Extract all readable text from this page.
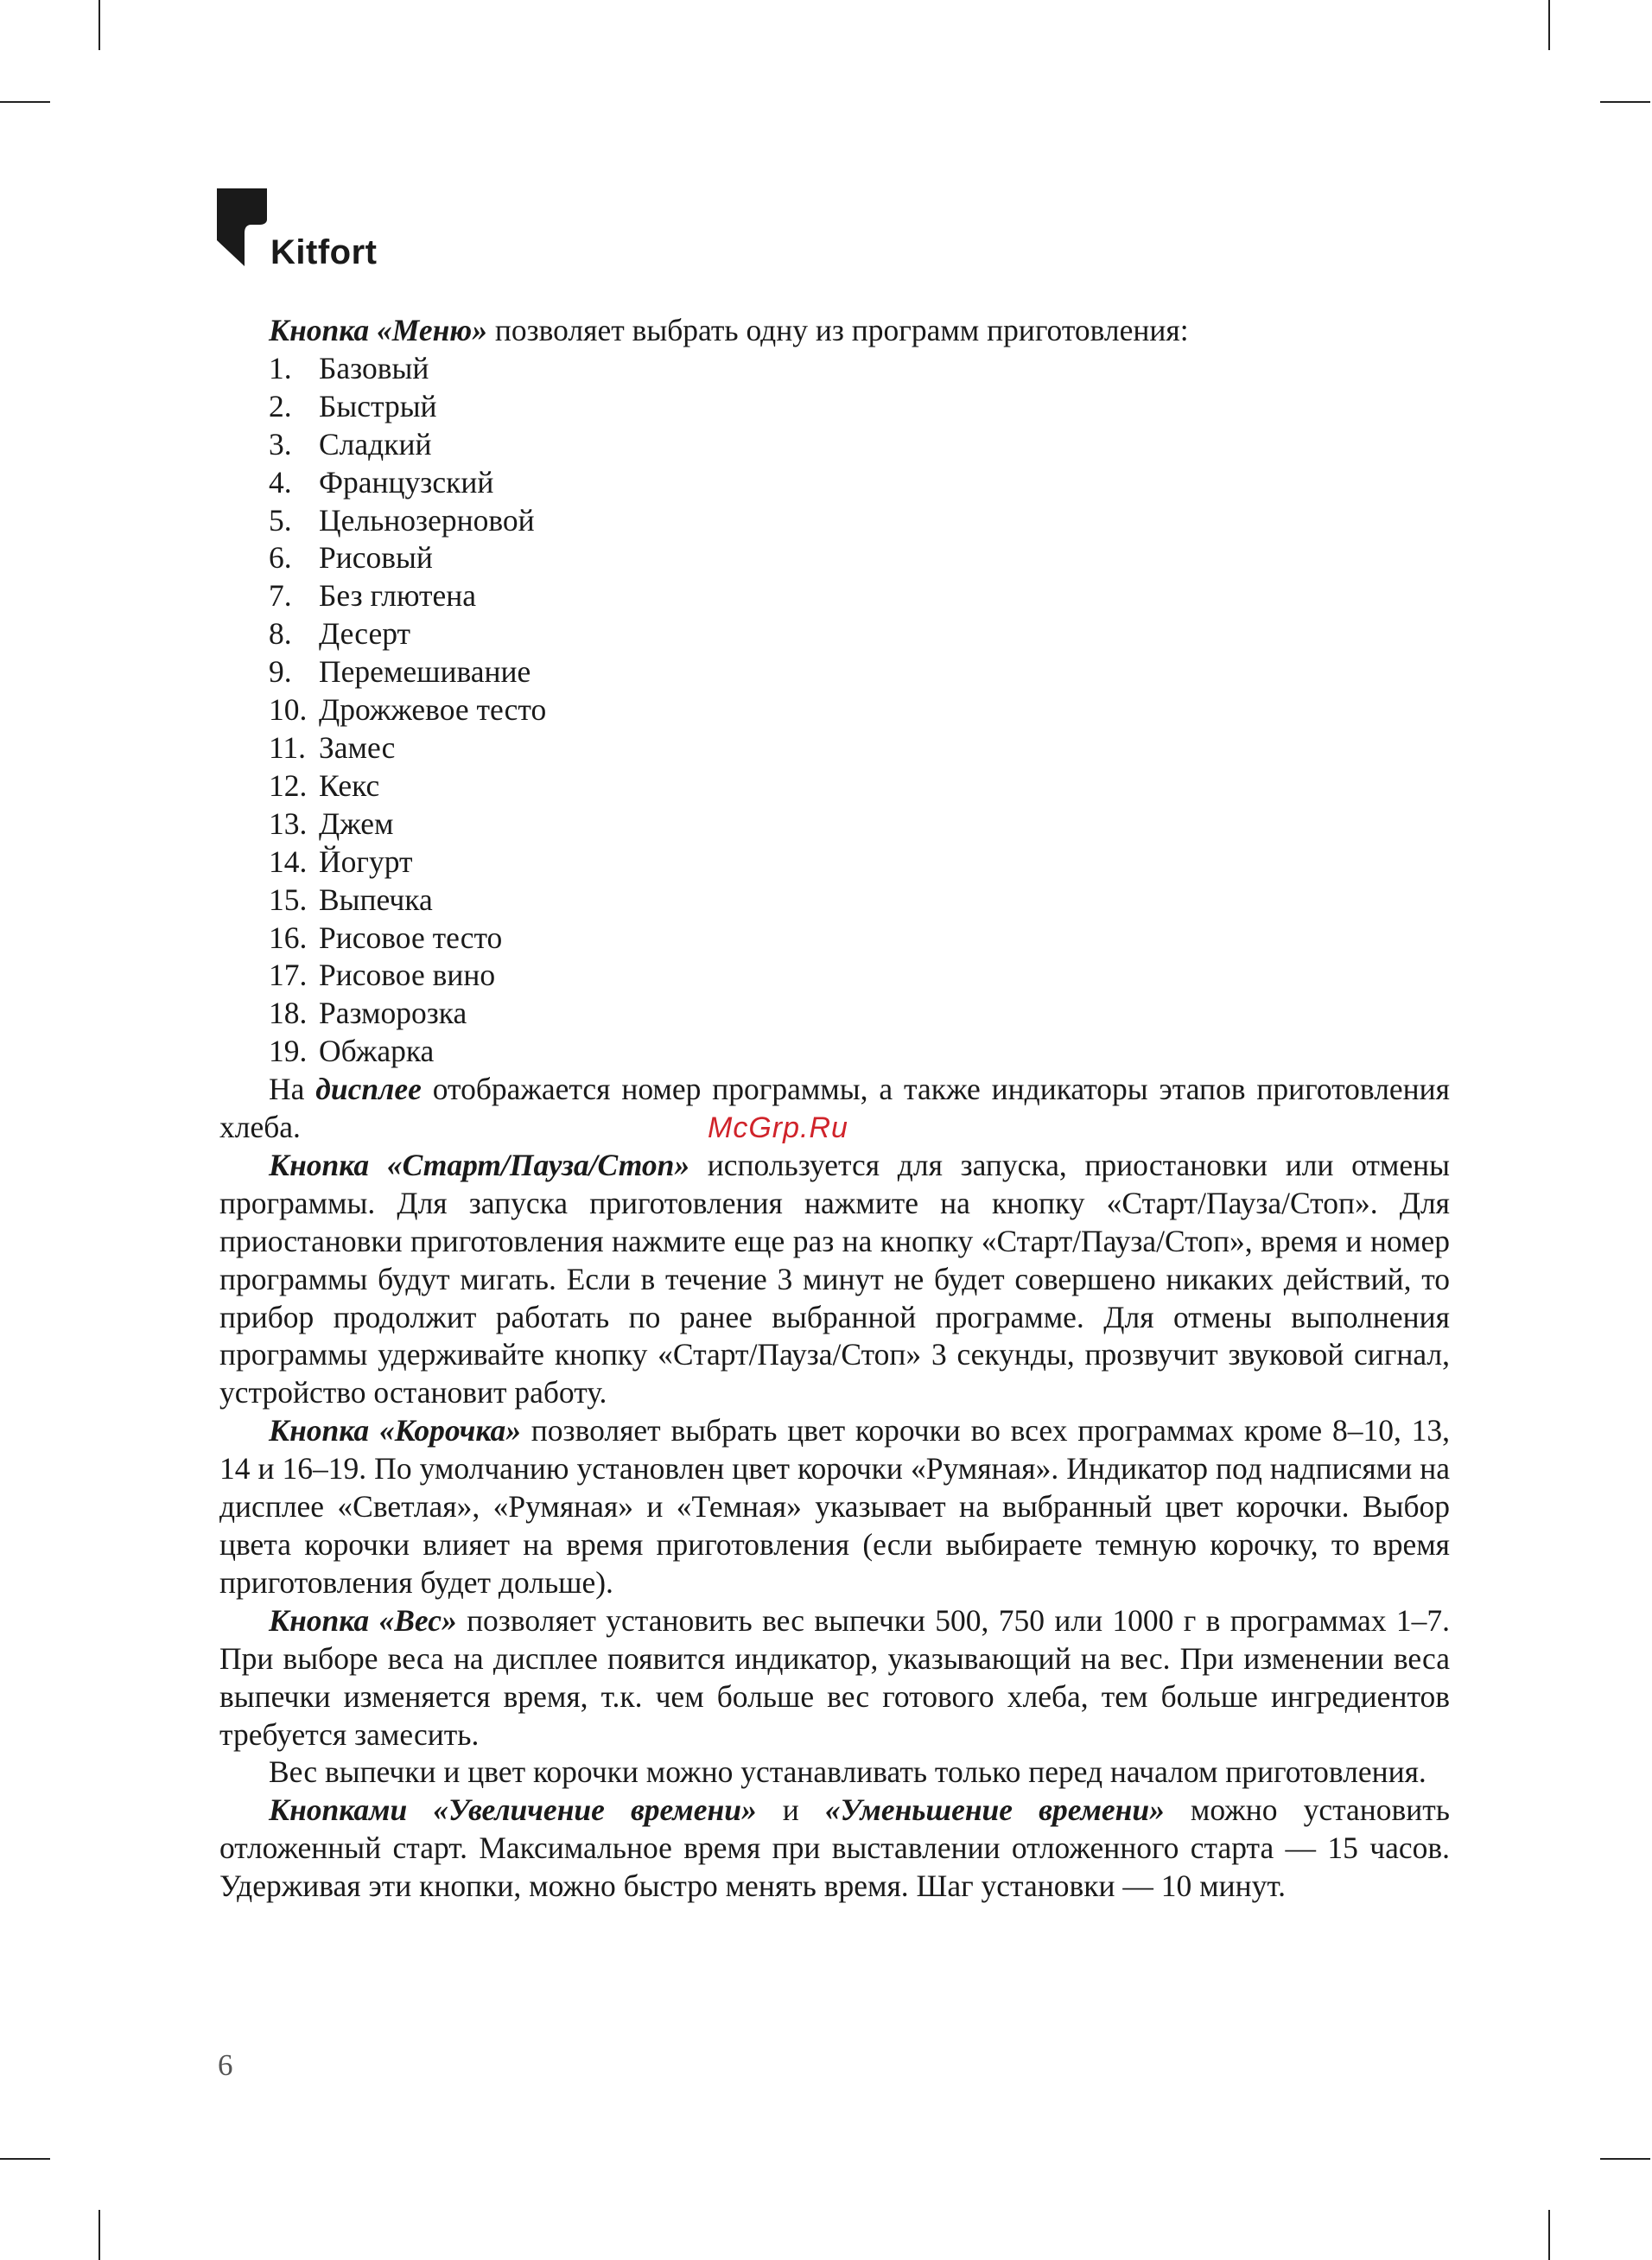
Kitfort

Кнопка «Меню» позволяет выбрать одну из программ приготовления:

1. Базовый
2. Быстрый
3. Сладкий
4. Французский
5. Цельнозерновой
6. Рисовый
7. Без глютена
8. Десерт
9. Перемешивание
10. Дрожжевое тесто
11. Замес
12. Кекс
13. Джем
14. Йогурт
15. Выпечка
16. Рисовое тесто
17. Рисовое вино
18. Разморозка
19. Обжарка

На дисплее отображается номер программы, а также индикаторы этапов приготовления хлеба.

Кнопка «Старт/Пауза/Стоп» используется для запуска, приостановки или отмены программы. Для запуска приготовления нажмите на кнопку «Старт/Пауза/Стоп». Для приостановки приготовления нажмите еще раз на кнопку «Старт/Пауза/Стоп», время и номер программы будут мигать. Если в течение 3 минут не будет совершено никаких действий, то прибор продолжит работать по ранее выбранной программе. Для отмены выполнения программы удерживайте кнопку «Старт/Пауза/Стоп» 3 секунды, прозвучит звуковой сигнал, устройство остановит работу.

Кнопка «Корочка» позволяет выбрать цвет корочки во всех программах кроме 8–10, 13, 14 и 16–19. По умолчанию установлен цвет корочки «Румяная». Индикатор под надписями на дисплее «Светлая», «Румяная» и «Темная» указывает на выбранный цвет корочки. Выбор цвета корочки влияет на время приготовления (если выбираете темную корочку, то время приготовления будет дольше).

Кнопка «Вес» позволяет установить вес выпечки 500, 750 или 1000 г в программах 1–7. При выборе веса на дисплее появится индикатор, указывающий на вес. При изменении веса выпечки изменяется время, т.к. чем больше вес готового хлеба, тем больше ингредиентов требуется замесить.

Вес выпечки и цвет корочки можно устанавливать только перед началом приготовления.

Кнопками «Увеличение времени» и «Уменьшение времени» можно установить отложенный старт. Максимальное время при выставлении отложенного старта — 15 часов. Удерживая эти кнопки, можно быстро менять время. Шаг установки — 10 минут.

McGrp.Ru
6
